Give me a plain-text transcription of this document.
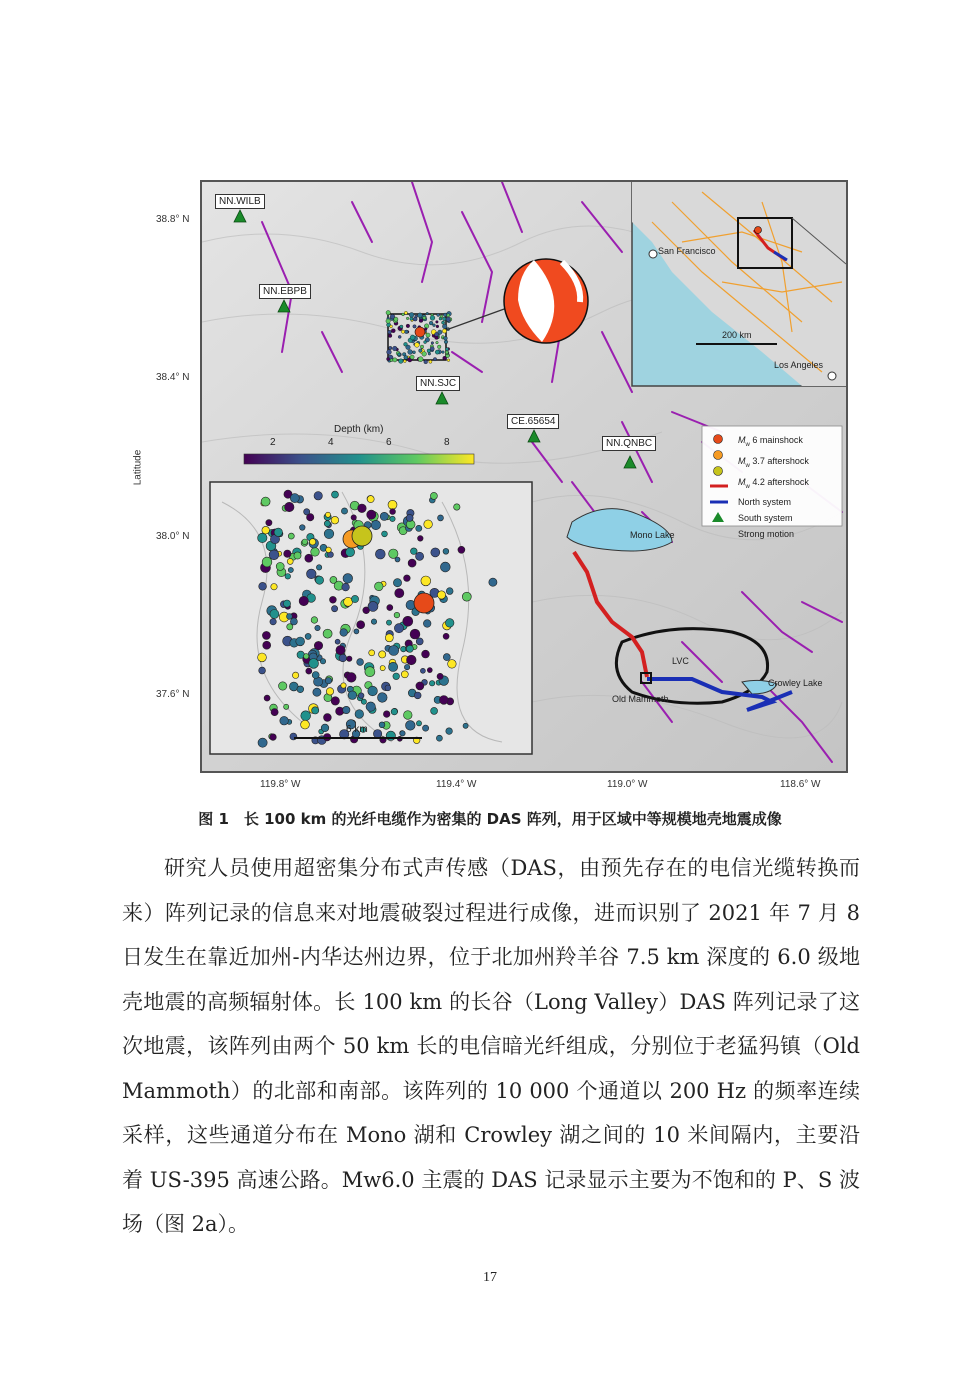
Latitude
38.8° N
38.4° N
38.0° N
37.6° N
119.8° W	119.4° W	119.0° W	118.6° W
NN.WILB
NN.EBPB
NN.SJC
CE.65654
NN.QNBC
Depth (km)
2	4	6	8
6 km
Mono Lake
LVC
Crowley Lake
Old Mammoth
San Francisco
Los Angeles
200 km
$M_w$ 6 mainshock
$M_w$ 3.7 aftershock
$M_w$ 4.2 aftershock
North system
South system
Strong motion
图 1　长 100 km 的光纤电缆作为密集的 DAS 阵列，用于区域中等规模地壳地震成像

研究人员使用超密集分布式声传感（DAS，由预先存在的电信光缆转换而来）阵列记录的信息来对地震破裂过程进行成像，进而识别了 2021 年 7 月 8 日发生在靠近加州-内华达州边界，位于北加州羚羊谷 7.5 km 深度的 6.0 级地壳地震的高频辐射体。长 100 km 的长谷（Long Valley）DAS 阵列记录了这次地震，该阵列由两个 50 km 长的电信暗光纤组成，分别位于老猛犸镇（Old Mammoth）的北部和南部。该阵列的 10 000 个通道以 200 Hz 的频率连续采样，这些通道分布在 Mono 湖和 Crowley 湖之间的 10 米间隔内，主要沿着 US-395 高速公路。Mw6.0 主震的 DAS 记录显示主要为不饱和的 P、S 波场（图 2a）。

17
